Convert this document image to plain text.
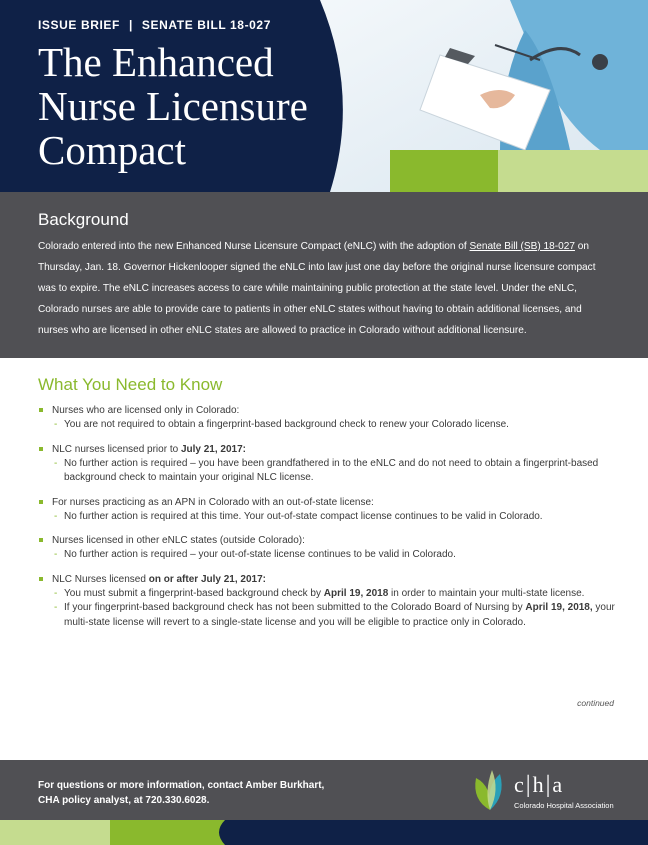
ISSUE BRIEF | SENATE BILL 18-027
The Enhanced
Nurse Licensure
Compact
Background
Colorado entered into the new Enhanced Nurse Licensure Compact (eNLC) with the adoption of Senate Bill (SB) 18-027 on Thursday, Jan. 18. Governor Hickenlooper signed the eNLC into law just one day before the original nurse licensure compact was to expire. The eNLC increases access to care while maintaining public protection at the state level. Under the eNLC, Colorado nurses are able to provide care to patients in other eNLC states without having to obtain additional licenses, and nurses who are licensed in other eNLC states are allowed to practice in Colorado without additional licensure.
What You Need to Know
Nurses who are licensed only in Colorado:
- You are not required to obtain a fingerprint-based background check to renew your Colorado license.
NLC nurses licensed prior to July 21, 2017:
- No further action is required – you have been grandfathered in to the eNLC and do not need to obtain a fingerprint-based background check to maintain your original NLC license.
For nurses practicing as an APN in Colorado with an out-of-state license:
- No further action is required at this time. Your out-of-state compact license continues to be valid in Colorado.
Nurses licensed in other eNLC states (outside Colorado):
- No further action is required – your out-of-state license continues to be valid in Colorado.
NLC Nurses licensed on or after July 21, 2017:
- You must submit a fingerprint-based background check by April 19, 2018 in order to maintain your multi-state license.
- If your fingerprint-based background check has not been submitted to the Colorado Board of Nursing by April 19, 2018, your multi-state license will revert to a single-state license and you will be eligible to practice only in Colorado.
continued
For questions or more information, contact Amber Burkhart,
CHA policy analyst, at 720.330.6028.
c|h|a
Colorado Hospital Association
